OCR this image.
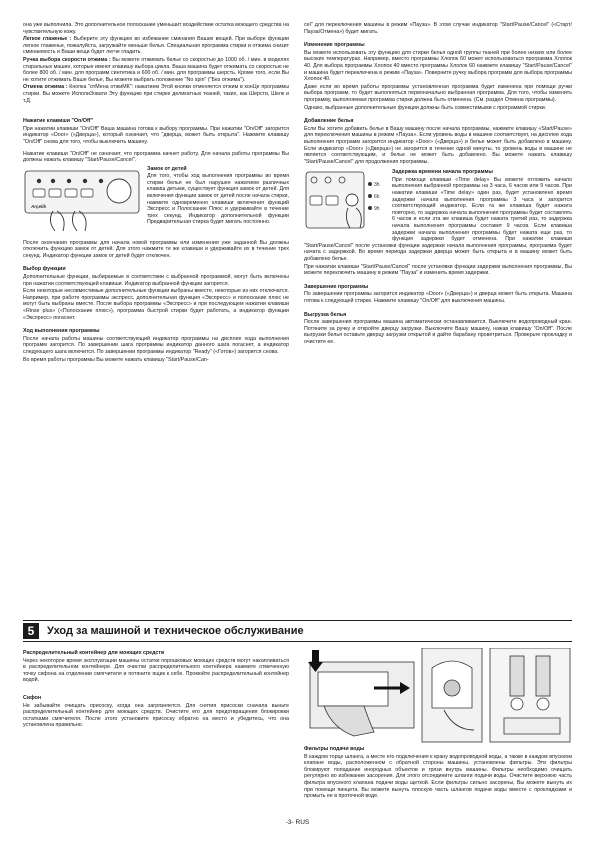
она уже выполнила. Это дополнительное полоскание уменьшит воздействие остатка моющего средства на чувствительную кожу.

Легкое глаженье : Выберите эту функцию во избежание сминания Ваших вещей. При выборе функции легкое глаженье, пожалуйста, загружайте меньше белья. Специальная программа стирки и отжима снизит сминаемость и Ваши вещи будет легче гладить.

Ручка выбора скорости отжима : Вы можете отжимать белье со скоростью до 1000 об. / мин. в моделях стиральных машин, которые имеют клавишу выбора цикла. Ваша машина будет отжимать со скоростью не более 800 об. / мин. для программ синтетика и 600 об. / мин. для программы шерсть. Кроме того, если Вы не хотите отжимать Ваше белье, Вы можете выбрать положение "No spin" ("Без отжима").

Отмена отжима : Кнопка "отМена отжиМК": нажатием Этой кнопки отменяется отжим в конЦе программы стирки. Вы можете ИсполиЗовати Эту функцию при стирке деликатных тканей, таких, как Шерсти, Шелк и т.Д.

Нажатие клавиши "On/Off"

При нажатии клавиши "On/Off" Ваша машина готова к выбору программы. При нажатии "On/Off" загорится индикатор «Door» («Дверца»), который означает, что "дверца, может быть открыта". Нажмите клавишу "On/Off" снова для того, чтобы выключить машину.

Нажатие клавиши "On/Off" не означает, что программа начнет работу. Для начала работы программы Вы должны нажать клавишу "Start/Pause/Cancel".

Arçelik
Замок от детей

Для того, чтобы ход выполнения программы во время стирки белья не был нарушен нажатием различных клавиш детьми, существует функция замок от детей. Для включения функции замок от детей после начала стирки, нажмите одновременно клавиши включения функций Экспресс и Полоскание Плюс и удерживайте в течение трех секунд. Индикатор дополнительной функции Предварительная стирка будет мигать постоянно.

После окончания программы для начала новой программы или изменения уже заданной Вы должны отключить функцию замок от детей. Для этого нажмите те же клавиши и удерживайте их в течение трех секунд. Индикатор функции замок от детей будет отключен.

Выбор функции

Дополнительные функции, выбираемые в соответствии с выбранной программой, могут быть включены при нажатии соответствующей клавиши. Индикатор выбранной функции загорится.

Если некоторые несовместимые дополнительные функции выбраны вместе, некоторые из них отключатся. Например, при работе программы экспресс, дополнительная функция «Экспресс» и полоскание плюс не могут быть выбраны вместе. После выбора программы «Экспресс» и при последующем нажатии клавиши «Rinse plus» («Полоскание плюс»), программа быстрой стирки будет работать, а индикатор функции «Экспресс» погаснет.

Ход выполнения программы

После начала работы машины соответствующий индикатор программы на дисплее хода выполнения программ загорится. По завершении шага программы индикатор данного шага погаснет, а индикатор следующего шага включится. По завершении программы индикатор "Ready" («Готов») загорится снова.

Во время работы программы Вы можете нажать клавишу "Start/Pause/Can-

cel" для переключения машины в режим «Пауза». В этом случае индикатор "Start/Pause/Cancel" («Старт/Пауза/Отмена») будет мигать.

Изменение программы

Вы можете использовать эту функцию для стирки белья одной группы тканей при более низких или более высоких температурах. Например, вместо программы Хлопок 60 может использоваться программа Хлопок 40. Для выбора программы Хлопок 40 вместо программы Хлопок 60 нажмите клавишу "Start/Pause/Cancel" и машина будет переключена в режим «Пауза». Поверните ручку выбора программ для выбора программы Хлопок 40.

Даже если во время работы программы установленная программа будет изменена при помощи ручки выбора программ, то будет выполняться первоначально выбранная программа. Для того, чтобы изменить программу, выполняемая программа стирки должна быть отменена. (См. раздел Отмена программы).

Однако, выбранные дополнительные функции должны быть совместимыми с программой стирки.

Добавление белья

Если Вы хотите добавить белье в Вашу машину после начала программы, нажмите клавишу «Start/Pause» для переключения машины в режим «Пауза». Если уровень воды в машине соответствует, на дисплее хода выполнения программ загорится индикатор «Door» («Дверца») и белье может быть добавлено в машину. Если индикатор «Door» («Дверца») не загорится в течение одной минуты, то уровень воды в машине не является соответствующим, и белье не может быть добавлено. Вы можете нажать клавишу "Start/Pause/Cancel" для продолжения программы.

3h
6h
9h
Задержка времени начала программы

При помощи клавиши «Time delay» Вы можете отложить начало выполнения выбранной программы на 3 часа, 6 часов или 9 часов. При нажатии клавиши «Time delay» один раз, будет установлено время задержки начала выполнения программы 3 часа и загорится соответствующий индикатор. Если та же клавиша будет нажата повторно, то задержка начала выполнения программы будет составлять 6 часов и если эта же клавиша будет нажата третий раз, то задержка начала выполнения программы составит 9 часов. Если клавиша задержки начала выполнения программы будет нажата еще раз, то функция задержки будет отменена. При нажатии клавиши "Start/Pause/Cancel" после установки функции задержки начала выполнения программы, программа будет начата с задержкой. Во время периода задержки дверца может быть открыта и в машину может быть добавлено белье.

При нажатии клавиши "Start/Pause/Cancel" после установки функции задержки выполнения программы, Вы можете переключить машину в режим "Пауза" и изменить время задержки.

Завершение программы

По завершении программы загорится индикатор «Door» («Дверца») и дверца может быть открыта. Машина готова к следующей стирке. Нажмите клавишу "On/Off" для выключения машины.

Выгрузка белья

После завершения программы машина автоматически останавливается. Выключите водопроводный кран. Потяните за ручку и откройте дверцу загрузки. Выключите Вашу машину, нажав клавишу "On/Off". После выгрузки белья оставьте дверцу загрузки открытой и дайте барабану проветриться. Проверьте прокладку и очистите ее.

5	Уход за машиной и техническое обслуживание
Распределительный контейнер для моющих средств

Через некоторое время эксплуатации машины остатки порошковых моющих средств могут накапливаться в распределительном контейнере. Для очистки распределительного контейнера нажмите отмеченную точку сифона на отделении смягчителя и потяните ящик к себе. Промойте распределительный контейнер водой.

Сифон

Не забывайте очищать присоску, когда она загрязняется. Для снятия присоски сначала выньте распределительный контейнер для моющих средств. Очистите его для предотвращения блокировки остатками смягчителя. После этого установите присоску обратно на место и убедитесь, что она установлена правильно.

Фильтры подачи воды

В каждом торце шланга, а месте его подключения к крану водопроводной воды, а также в каждом впускном клапане воды, расположенном с обратной стороны машины, установлены фильтры. Эти фильтры блокируют попадание инородных объектов и грязи внутрь машины. Фильтры необходимо очищать регулярно во избежание засорения. Для этого отсоедините шланги подачи воды. Очистите верхнюю часть фильтра впускного клапана подачи воды щеткой. Если фильтры сильно засорены, Вы можете вынуть их при помощи пинцета. Вы можете вынуть плоскую часть шлангов подачи воды вместе с прокладками и промыть ее в проточной воде.

-3- RUS
